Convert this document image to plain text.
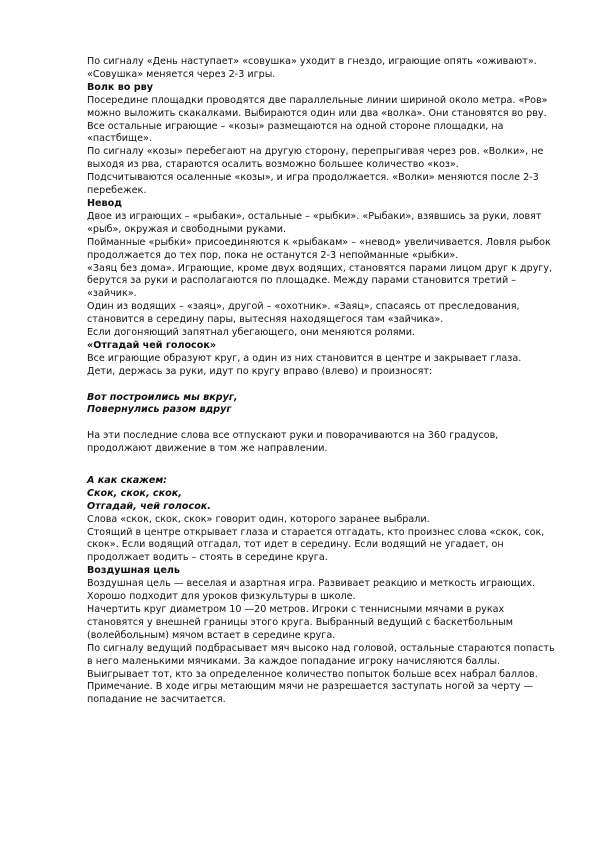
По сигналу «День наступает» «совушка» уходит в гнездо, играющие опять «оживают». «Совушка» меняется через 2-3 игры.

Волк во рву

Посередине площадки проводятся две параллельные линии шириной около метра. «Ров» можно выложить скакалками. Выбираются один или два «волка». Они становятся во рву. Все остальные играющие – «козы» размещаются на одной стороне площадки, на «пастбище».

По сигналу «козы» перебегают на другую сторону, перепрыгивая через ров. «Волки», не выходя из рва, стараются осалить возможно большее количество «коз».

Подсчитываются осаленные «козы», и игра продолжается. «Волки» меняются после 2-3 перебежек.

Невод

Двое из играющих – «рыбаки», остальные – «рыбки». «Рыбаки», взявшись за руки, ловят «рыб», окружая и свободными руками.

Пойманные «рыбки» присоединяются к «рыбакам» – «невод» увеличивается. Ловля рыбок продолжается до тех пор, пока не останутся 2-3 непойманные «рыбки».

«Заяц без дома». Играющие, кроме двух водящих, становятся парами лицом друг к другу, берутся за руки и располагаются по площадке. Между парами становится третий – «зайчик».

Один из водящих – «заяц», другой – «охотник». «Заяц», спасаясь от преследования, становится в середину пары, вытесняя находящегося там «зайчика».

Если догоняющий запятнал убегающего, они меняются ролями.

«Отгадай чей голосок»

Все играющие образуют круг, а один из них становится в центре и закрывает глаза.

Дети, держась за руки, идут по кругу вправо (влево) и произносят:

Вот построились мы вкруг,

Повернулись разом вдруг

На эти последние слова все отпускают руки и поворачиваются на 360 градусов, продолжают движение в том же направлении.

А как скажем:

Скок, скок, скок,

Отгадай, чей голосок.

Слова «скок, скок, скок» говорит один, которого заранее выбрали.

Стоящий в центре открывает глаза и старается отгадать, кто произнес слова «скок, сок, скок». Если водящий отгадал, тот идет в середину. Если водящий не угадает, он продолжает водить – стоять в середине круга.

Воздушная цель

Воздушная цель — веселая и азартная игра. Развивает реакцию и меткость играющих. Хорошо подходит для уроков физкультуры в школе.

Начертить круг диаметром 10 —20 метров. Игроки с теннисными мячами в руках становятся у внешней границы этого круга. Выбранный ведущий с баскетбольным (волейбольным) мячом встает в середине круга.

По сигналу ведущий подбрасывает мяч высоко над головой, остальные стараются попасть в него маленькими мячиками. За каждое попадание игроку начисляются баллы.

Выигрывает тот, кто за определенное количество попыток больше всех набрал баллов.

Примечание. В ходе игры метающим мячи не разрешается заступать ногой за черту — попадание не засчитается.
